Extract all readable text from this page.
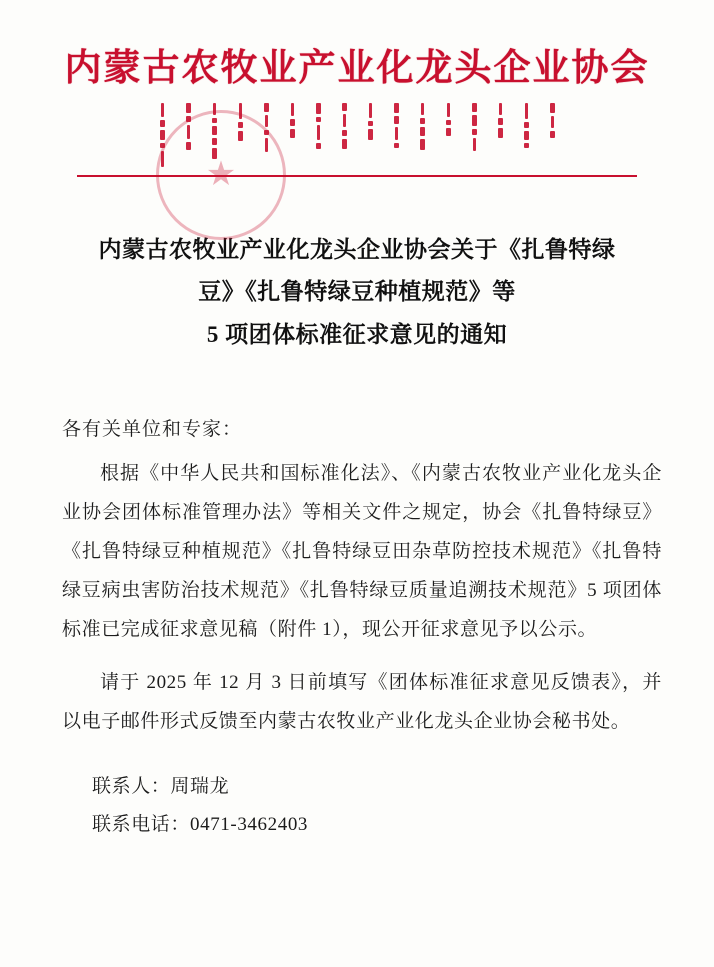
内蒙古农牧业产业化龙头企业协会
★
内蒙古农牧业产业化龙头企业协会关于《扎鲁特绿
豆》《扎鲁特绿豆种植规范》等
5 项团体标准征求意见的通知
各有关单位和专家：
根据《中华人民共和国标准化法》、《内蒙古农牧业产业化龙头企业协会团体标准管理办法》等相关文件之规定，协会《扎鲁特绿豆》《扎鲁特绿豆种植规范》《扎鲁特绿豆田杂草防控技术规范》《扎鲁特绿豆病虫害防治技术规范》《扎鲁特绿豆质量追溯技术规范》5 项团体标准已完成征求意见稿（附件 1），现公开征求意见予以公示。
请于 2025 年 12 月 3 日前填写《团体标准征求意见反馈表》，并以电子邮件形式反馈至内蒙古农牧业产业化龙头企业协会秘书处。
联系人：周瑞龙
联系电话：0471-3462403
